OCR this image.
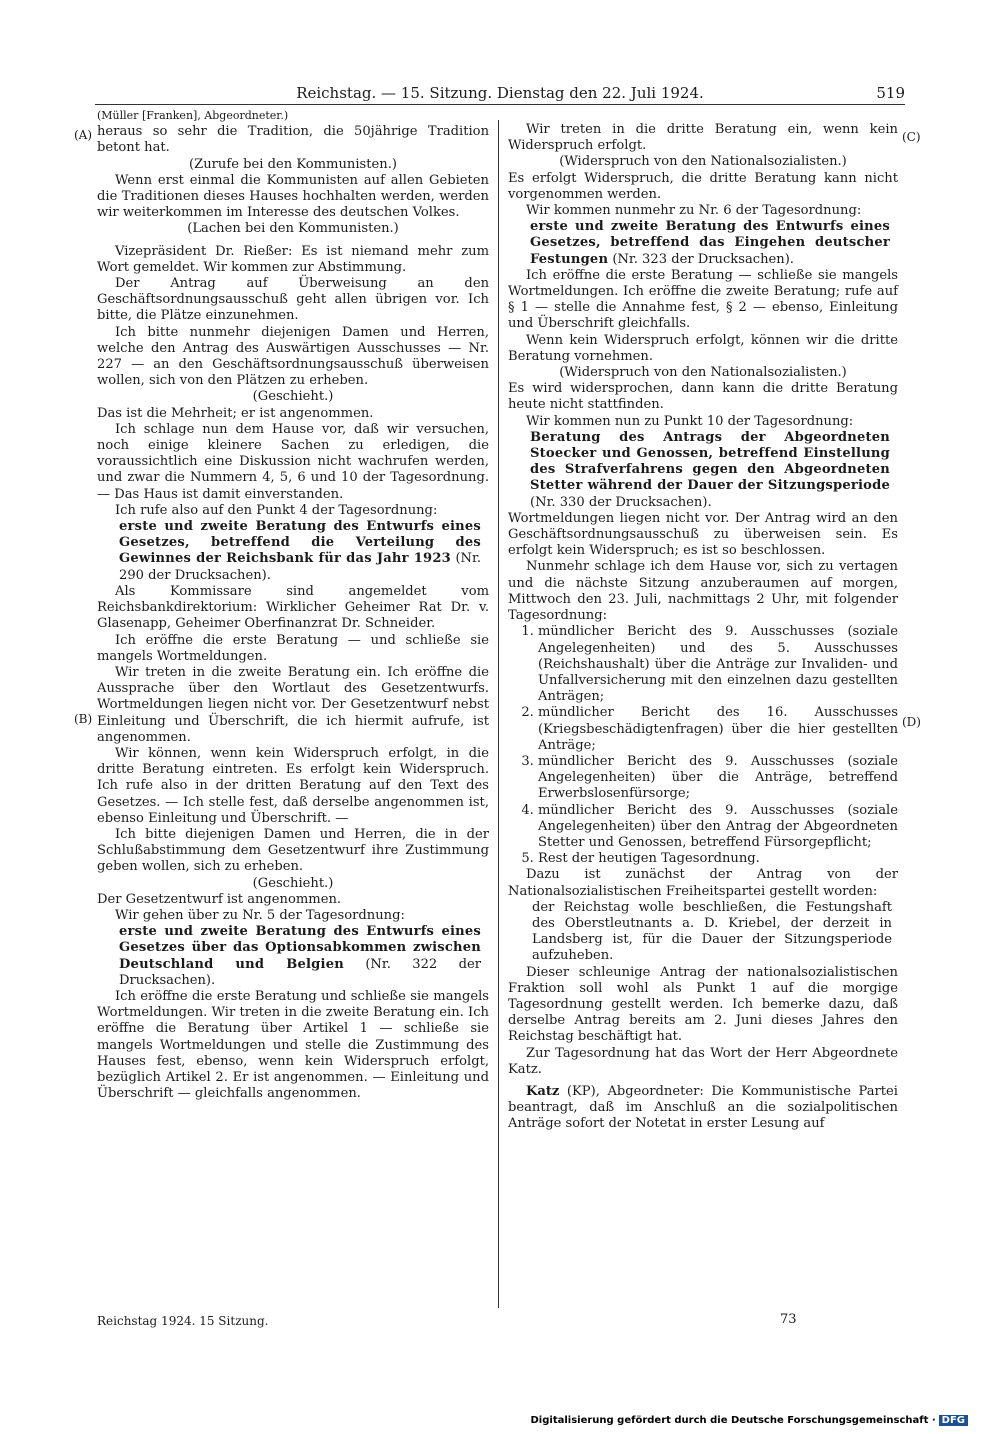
Reichstag. — 15. Sitzung. Dienstag den 22. Juli 1924.	519
(A)
(B)
(C)
(D)

(Müller [Franken], Abgeordneter.)

heraus so sehr die Tradition, die 50jährige Tradition betont hat.

(Zurufe bei den Kommunisten.)

Wenn erst einmal die Kommunisten auf allen Gebieten die Traditionen dieses Hauses hochhalten werden, werden wir weiterkommen im Interesse des deutschen Volkes.

(Lachen bei den Kommunisten.)

Vizepräsident Dr. Rießer: Es ist niemand mehr zum Wort gemeldet. Wir kommen zur Abstimmung.

Der Antrag auf Überweisung an den Geschäftsordnungsausschuß geht allen übrigen vor. Ich bitte, die Plätze einzunehmen.

Ich bitte nunmehr diejenigen Damen und Herren, welche den Antrag des Auswärtigen Ausschusses — Nr. 227 — an den Geschäftsordnungsausschuß überweisen wollen, sich von den Plätzen zu erheben.

(Geschieht.)

Das ist die Mehrheit; er ist angenommen.

Ich schlage nun dem Hause vor, daß wir versuchen, noch einige kleinere Sachen zu erledigen, die voraussichtlich eine Diskussion nicht wachrufen werden, und zwar die Nummern 4, 5, 6 und 10 der Tagesordnung. — Das Haus ist damit einverstanden.

Ich rufe also auf den Punkt 4 der Tagesordnung:

erste und zweite Beratung des Entwurfs eines Gesetzes, betreffend die Verteilung des Gewinnes der Reichsbank für das Jahr 1923 (Nr. 290 der Drucksachen).

Als Kommissare sind angemeldet vom Reichsbankdirektorium: Wirklicher Geheimer Rat Dr. v. Glasenapp, Geheimer Oberfinanzrat Dr. Schneider.

Ich eröffne die erste Beratung — und schließe sie mangels Wortmeldungen.

Wir treten in die zweite Beratung ein. Ich eröffne die Aussprache über den Wortlaut des Gesetzentwurfs. Wortmeldungen liegen nicht vor. Der Gesetzentwurf nebst Einleitung und Überschrift, die ich hiermit aufrufe, ist angenommen.

Wir können, wenn kein Widerspruch erfolgt, in die dritte Beratung eintreten. Es erfolgt kein Widerspruch. Ich rufe also in der dritten Beratung auf den Text des Gesetzes. — Ich stelle fest, daß derselbe angenommen ist, ebenso Einleitung und Überschrift. —

Ich bitte diejenigen Damen und Herren, die in der Schlußabstimmung dem Gesetzentwurf ihre Zustimmung geben wollen, sich zu erheben.

(Geschieht.)

Der Gesetzentwurf ist angenommen.

Wir gehen über zu Nr. 5 der Tagesordnung:

erste und zweite Beratung des Entwurfs eines Gesetzes über das Optionsabkommen zwischen Deutschland und Belgien (Nr. 322 der Drucksachen).

Ich eröffne die erste Beratung und schließe sie mangels Wortmeldungen. Wir treten in die zweite Beratung ein. Ich eröffne die Beratung über Artikel 1 — schließe sie mangels Wortmeldungen und stelle die Zustimmung des Hauses fest, ebenso, wenn kein Widerspruch erfolgt, bezüglich Artikel 2. Er ist angenommen. — Einleitung und Überschrift — gleichfalls angenommen.

Wir treten in die dritte Beratung ein, wenn kein Widerspruch erfolgt.

(Widerspruch von den Nationalsozialisten.)

Es erfolgt Widerspruch, die dritte Beratung kann nicht vorgenommen werden.

Wir kommen nunmehr zu Nr. 6 der Tagesordnung:

erste und zweite Beratung des Entwurfs eines Gesetzes, betreffend das Eingehen deutscher Festungen (Nr. 323 der Drucksachen).

Ich eröffne die erste Beratung — schließe sie mangels Wortmeldungen. Ich eröffne die zweite Beratung; rufe auf § 1 — stelle die Annahme fest, § 2 — ebenso, Einleitung und Überschrift gleichfalls.

Wenn kein Widerspruch erfolgt, können wir die dritte Beratung vornehmen.

(Widerspruch von den Nationalsozialisten.)

Es wird widersprochen, dann kann die dritte Beratung heute nicht stattfinden.

Wir kommen nun zu Punkt 10 der Tagesordnung:

Beratung des Antrags der Abgeordneten Stoecker und Genossen, betreffend Einstellung des Strafverfahrens gegen den Abgeordneten Stetter während der Dauer der Sitzungsperiode (Nr. 330 der Drucksachen).

Wortmeldungen liegen nicht vor. Der Antrag wird an den Geschäftsordnungsausschuß zu überweisen sein. Es erfolgt kein Widerspruch; es ist so beschlossen.

Nunmehr schlage ich dem Hause vor, sich zu vertagen und die nächste Sitzung anzuberaumen auf morgen, Mittwoch den 23. Juli, nachmittags 2 Uhr, mit folgender Tagesordnung:

1. mündlicher Bericht des 9. Ausschusses (soziale Angelegenheiten) und des 5. Ausschusses (Reichshaushalt) über die Anträge zur Invaliden- und Unfallversicherung mit den einzelnen dazu gestellten Anträgen;
2. mündlicher Bericht des 16. Ausschusses (Kriegsbeschädigtenfragen) über die hier gestellten Anträge;
3. mündlicher Bericht des 9. Ausschusses (soziale Angelegenheiten) über die Anträge, betreffend Erwerbslosenfürsorge;
4. mündlicher Bericht des 9. Ausschusses (soziale Angelegenheiten) über den Antrag der Abgeordneten Stetter und Genossen, betreffend Fürsorgepflicht;
5. Rest der heutigen Tagesordnung.

Dazu ist zunächst der Antrag von der Nationalsozialistischen Freiheitspartei gestellt worden:

der Reichstag wolle beschließen, die Festungshaft des Oberstleutnants a. D. Kriebel, der derzeit in Landsberg ist, für die Dauer der Sitzungsperiode aufzuheben.

Dieser schleunige Antrag der nationalsozialistischen Fraktion soll wohl als Punkt 1 auf die morgige Tagesordnung gestellt werden. Ich bemerke dazu, daß derselbe Antrag bereits am 2. Juni dieses Jahres den Reichstag beschäftigt hat.

Zur Tagesordnung hat das Wort der Herr Abgeordnete Katz.

Katz (KP), Abgeordneter: Die Kommunistische Partei beantragt, daß im Anschluß an die sozialpolitischen Anträge sofort der Notetat in erster Lesung auf

Reichstag 1924. 15 Sitzung.	73
Digitalisierung gefördert durch die Deutsche Forschungsgemeinschaft · DFG
